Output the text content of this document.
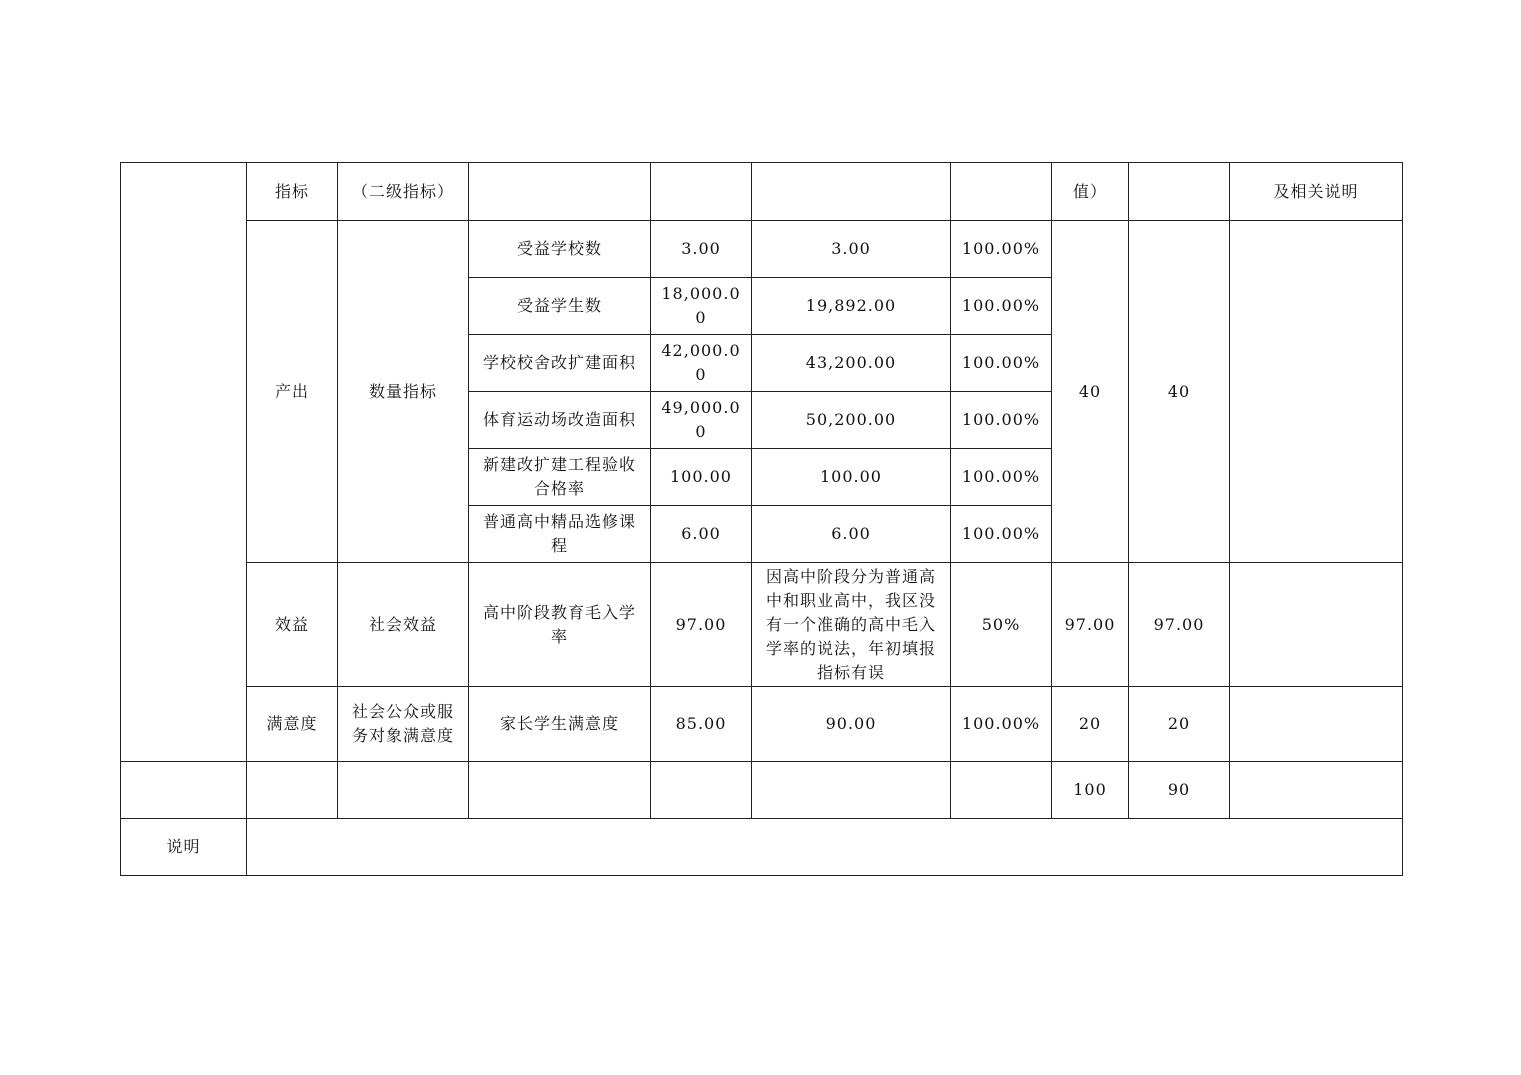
	指标	（二级指标）					值）		及相关说明
	产出	数量指标	受益学校数	3.00	3.00	100.00%	40	40	
			受益学生数	18,000.00	19,892.00	100.00%			
			学校校舍改扩建面积	42,000.00	43,200.00	100.00%			
			体育运动场改造面积	49,000.00	50,200.00	100.00%			
			新建改扩建工程验收合格率	100.00	100.00	100.00%			
			普通高中精品选修课程	6.00	6.00	100.00%			
	效益	社会效益	高中阶段教育毛入学率	97.00	因高中阶段分为普通高中和职业高中，我区没有一个准确的高中毛入学率的说法，年初填报指标有误	50%	97.00	97.00	
	满意度	社会公众或服务对象满意度	家长学生满意度	85.00	90.00	100.00%	20	20	
							100	90	
说明									
